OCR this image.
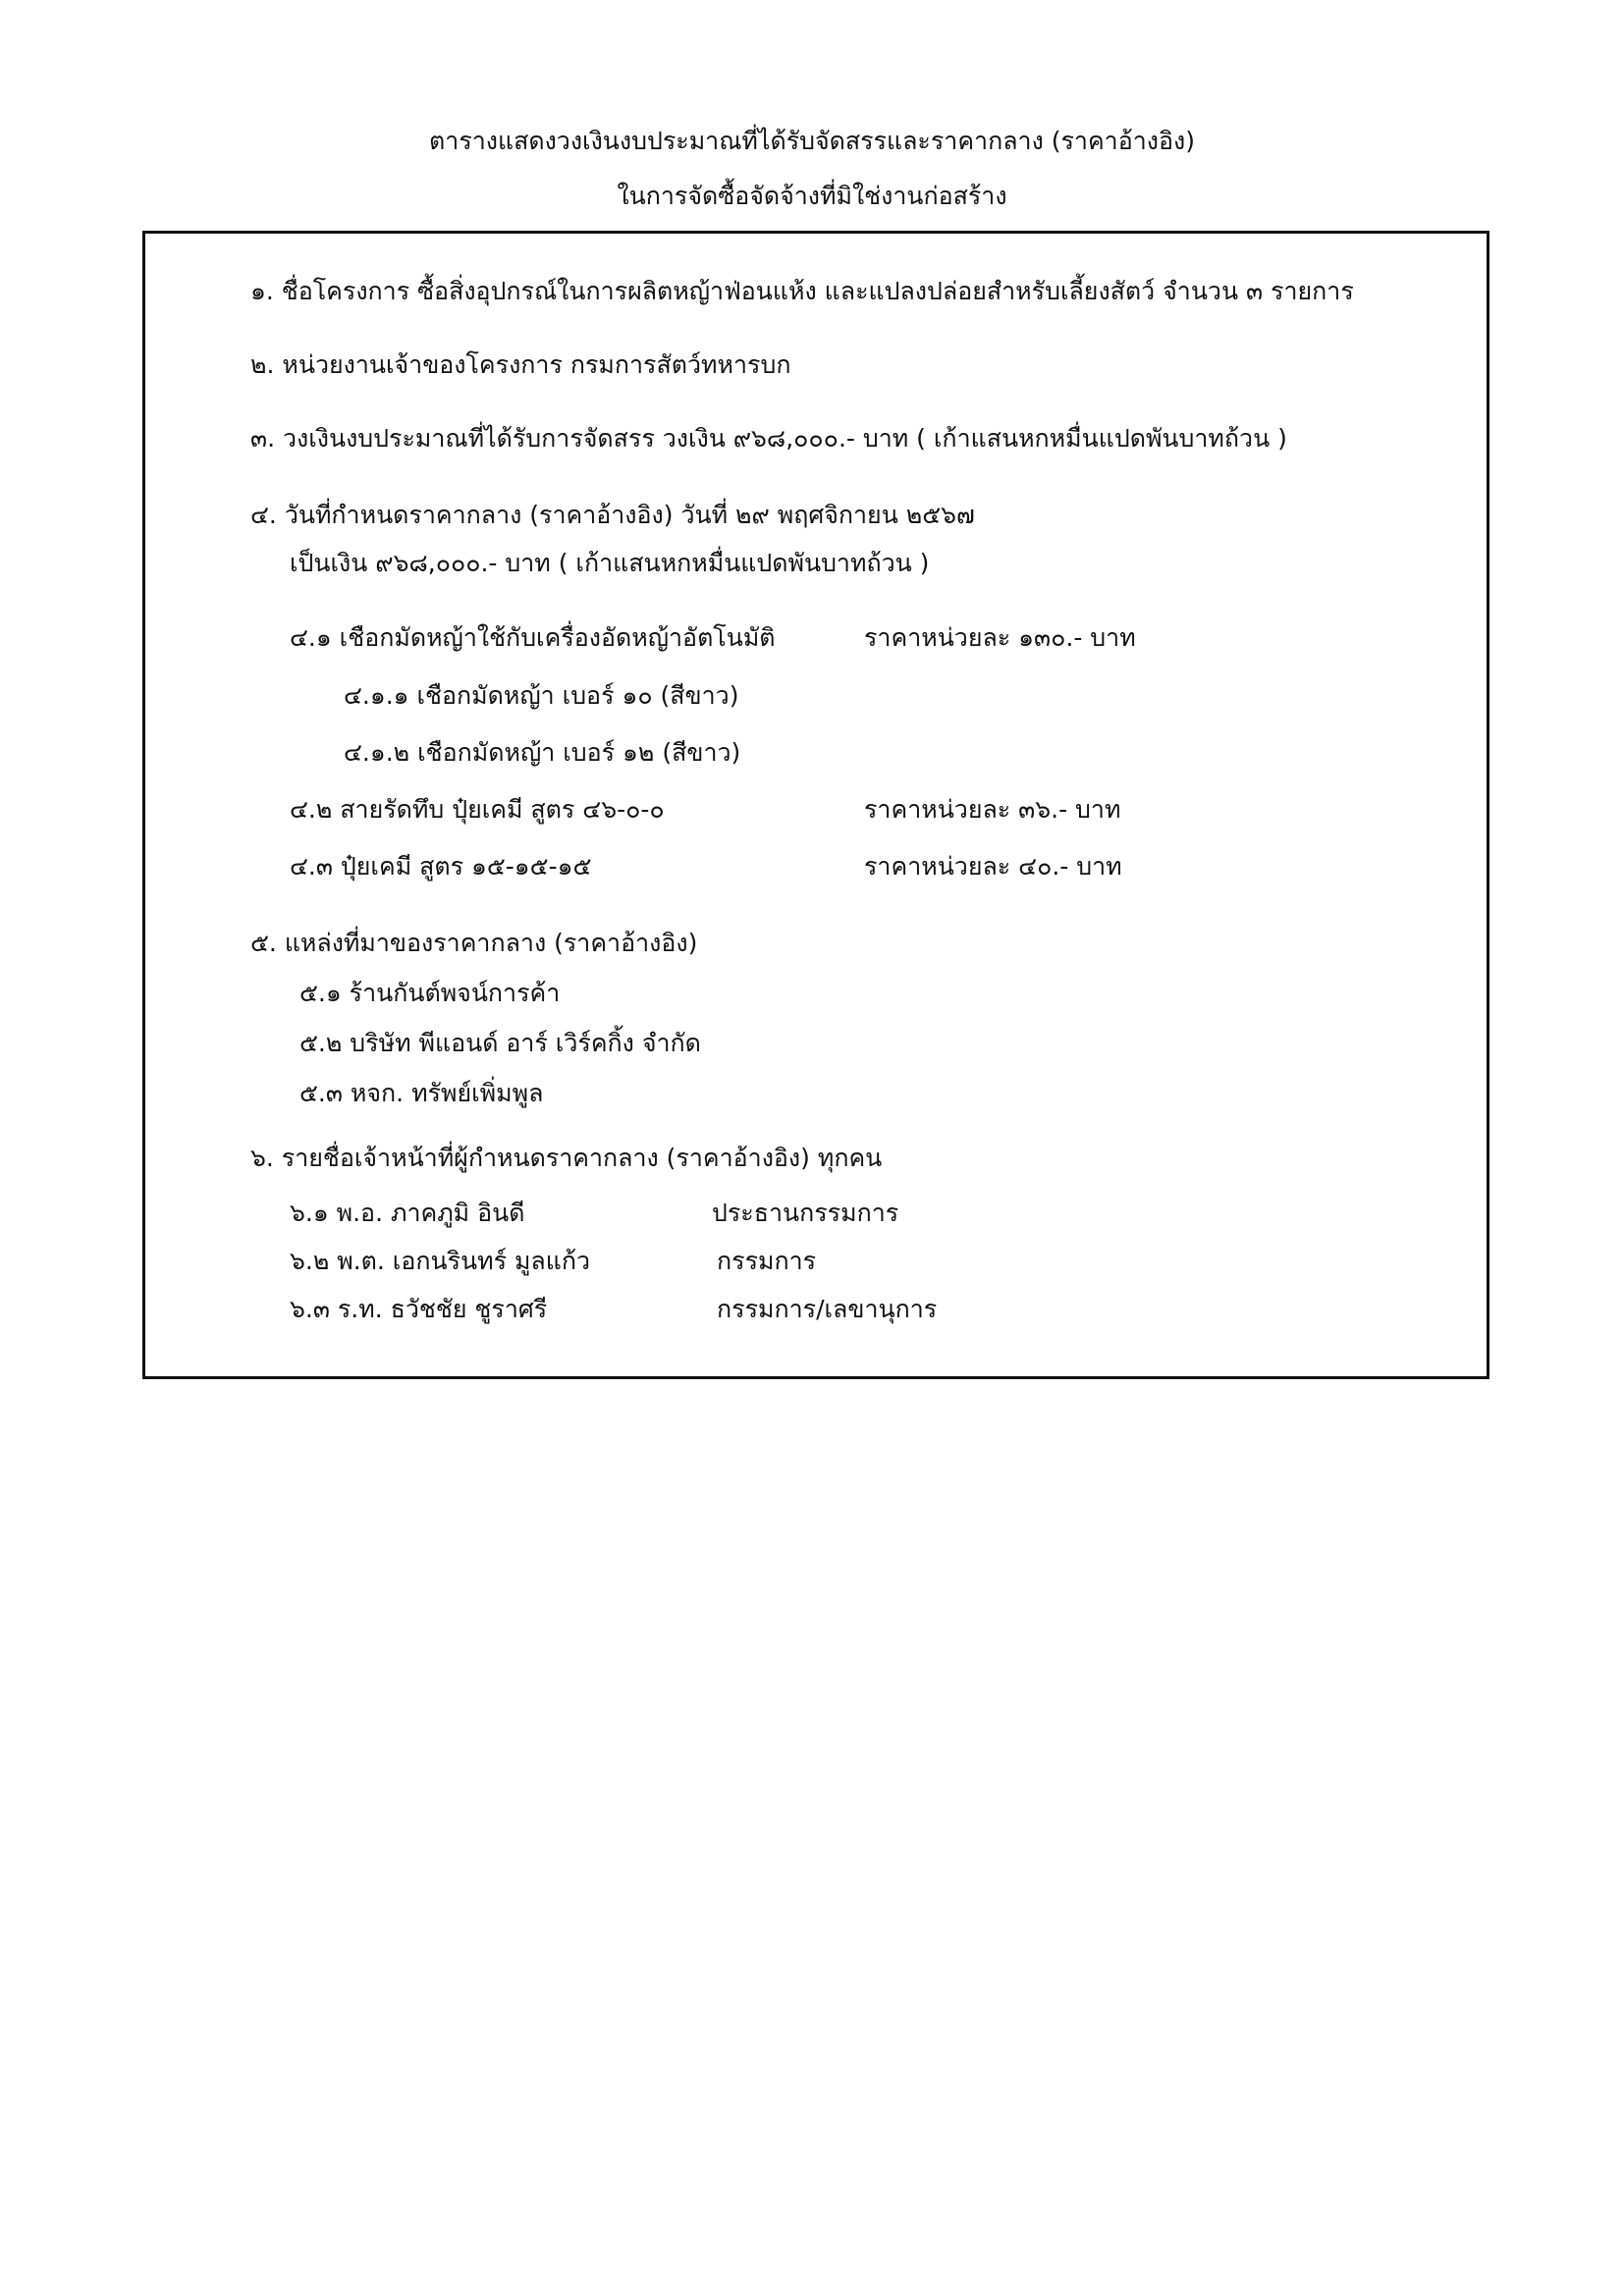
ตารางแสดงวงเงินงบประมาณที่ได้รับจัดสรรและราคากลาง (ราคาอ้างอิง)
ในการจัดซื้อจัดจ้างที่มิใช่งานก่อสร้าง
๑. ชื่อโครงการ ซื้อสิ่งอุปกรณ์ในการผลิตหญ้าฟ่อนแห้ง และแปลงปล่อยสำหรับเลี้ยงสัตว์ จำนวน ๓ รายการ
๒. หน่วยงานเจ้าของโครงการ กรมการสัตว์ทหารบก
๓. วงเงินงบประมาณที่ได้รับการจัดสรร วงเงิน ๙๖๘,๐๐๐.- บาท ( เก้าแสนหกหมื่นแปดพันบาทถ้วน )
๔. วันที่กำหนดราคากลาง (ราคาอ้างอิง) วันที่ ๒๙ พฤศจิกายน ๒๕๖๗
เป็นเงิน ๙๖๘,๐๐๐.- บาท ( เก้าแสนหกหมื่นแปดพันบาทถ้วน )
๔.๑ เชือกมัดหญ้าใช้กับเครื่องอัดหญ้าอัตโนมัติ	ราคาหน่วยละ ๑๓๐.- บาท
๔.๑.๑ เชือกมัดหญ้า เบอร์ ๑๐ (สีขาว)
๔.๑.๒ เชือกมัดหญ้า เบอร์ ๑๒ (สีขาว)
๔.๒ สายรัดทึบ ปุ๋ยเคมี สูตร ๔๖-๐-๐	ราคาหน่วยละ ๓๖.- บาท
๔.๓ ปุ๋ยเคมี สูตร ๑๕-๑๕-๑๕	ราคาหน่วยละ ๔๐.- บาท
๕. แหล่งที่มาของราคากลาง (ราคาอ้างอิง)
๕.๑ ร้านกันต์พจน์การค้า
๕.๒ บริษัท พีแอนด์ อาร์ เวิร์คกิ้ง จำกัด
๕.๓ หจก. ทรัพย์เพิ่มพูล
๖. รายชื่อเจ้าหน้าที่ผู้กำหนดราคากลาง (ราคาอ้างอิง) ทุกคน
๖.๑ พ.อ. ภาคภูมิ อินดี	ประธานกรรมการ
๖.๒ พ.ต. เอกนรินทร์ มูลแก้ว	กรรมการ
๖.๓ ร.ท. ธวัชชัย ชูราศรี	กรรมการ/เลขานุการ
